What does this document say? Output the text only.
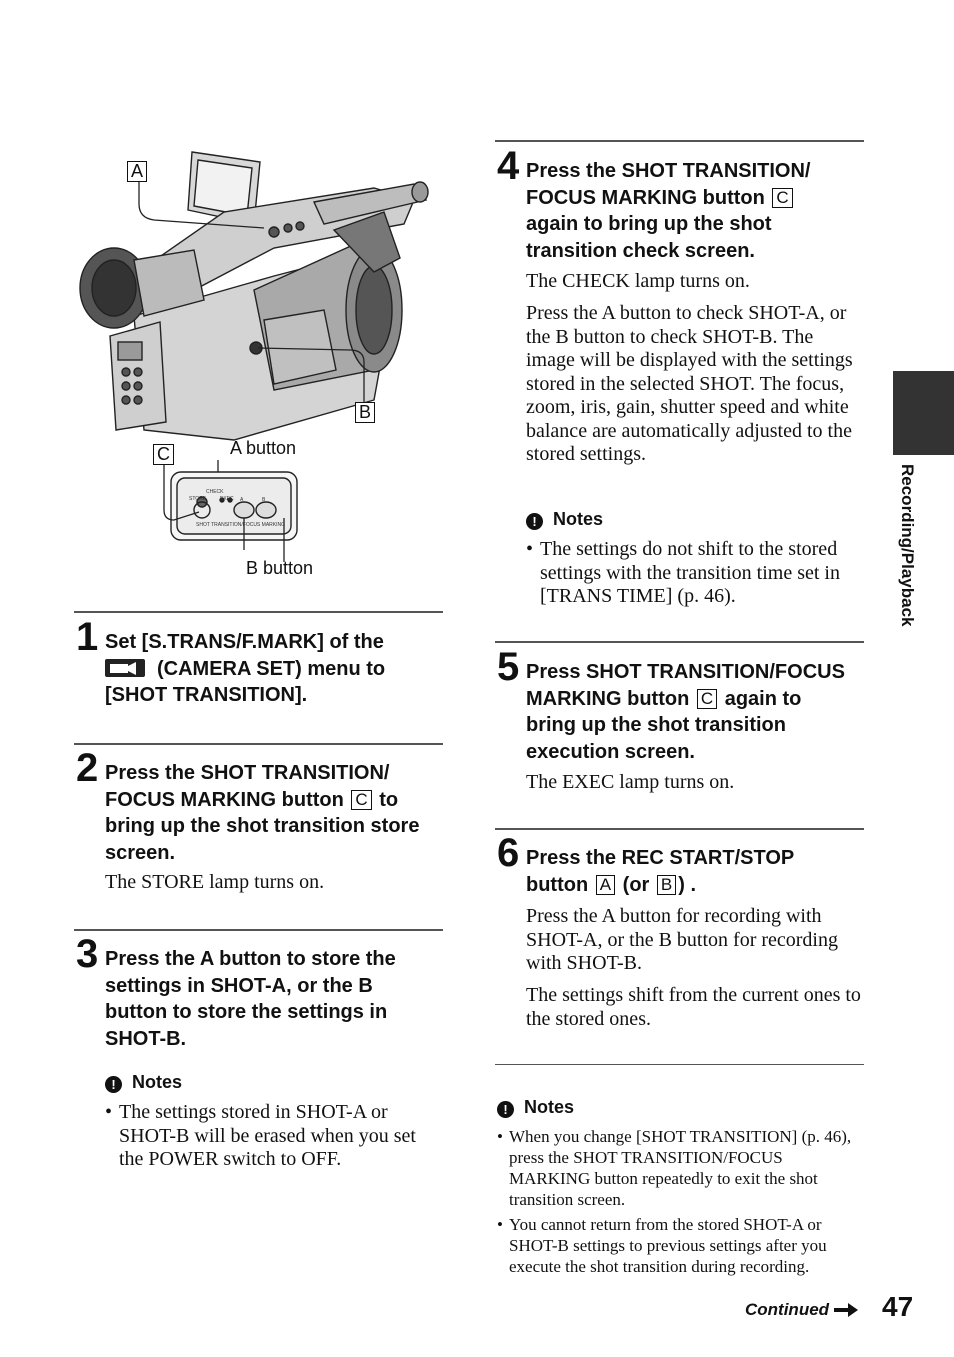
CHECK
STORE	EXEC A	B
SHOT TRANSITION/FOCUS MARKING
A
B
C	A button
B button
1 Set [S.TRANS/F.MARK] of the
(CAMERA SET) menu to
[SHOT TRANSITION].
2 Press the SHOT TRANSITION/
FOCUS MARKING button C to
bring up the shot transition store
screen.
The STORE lamp turns on.
3 Press the A button to store the
settings in SHOT-A, or the B
button to store the settings in
SHOT-B.
! Notes
• The settings stored in SHOT-A or SHOT-B will be erased when you set the POWER switch to OFF.
4 Press the SHOT TRANSITION/
FOCUS MARKING button C
again to bring up the shot
transition check screen.
The CHECK lamp turns on.
Press the A button to check SHOT-A, or the B button to check SHOT-B. The image will be displayed with the settings stored in the selected SHOT. The focus, zoom, iris, gain, shutter speed and white balance are automatically adjusted to the stored settings.
! Notes
• The settings do not shift to the stored settings with the transition time set in [TRANS TIME] (p. 46).
5 Press SHOT TRANSITION/FOCUS
MARKING button C again to
bring up the shot transition
execution screen.
The EXEC lamp turns on.
6 Press the REC START/STOP
button A (or B ) .
Press the A button for recording with SHOT-A, or the B button for recording with SHOT-B.
The settings shift from the current ones to the stored ones.
! Notes
• When you change [SHOT TRANSITION] (p. 46), press the SHOT TRANSITION/FOCUS MARKING button repeatedly to exit the shot transition screen.
• You cannot return from the stored SHOT-A or SHOT-B settings to previous settings after you execute the shot transition during recording.
Recording/Playback
Continued	47
